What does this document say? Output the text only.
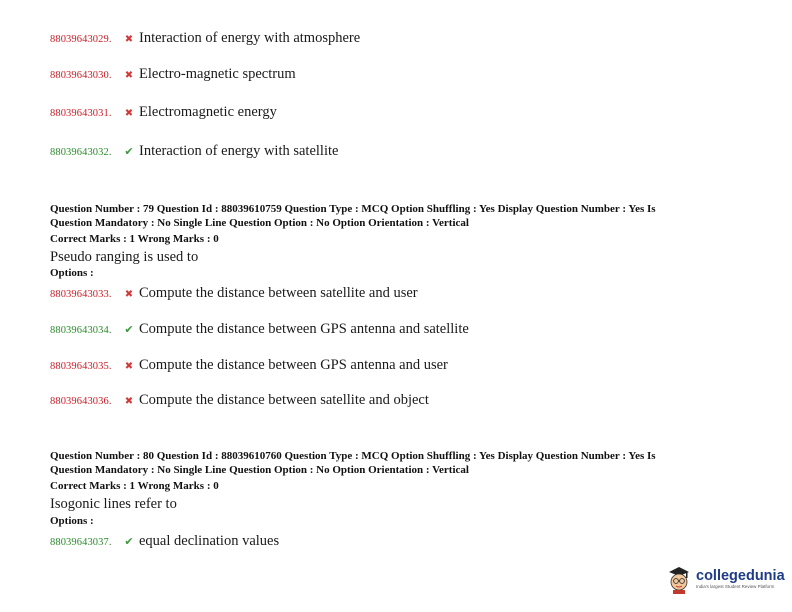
88039643029.	✖ Interaction of energy with atmosphere
88039643030.	✖ Electro-magnetic spectrum
88039643031.	✖ Electromagnetic energy
88039643032.	✔ Interaction of energy with satellite
Question Number : 79 Question Id : 88039610759 Question Type : MCQ Option Shuffling : Yes Display Question Number : Yes Is
Question Mandatory : No Single Line Question Option : No Option Orientation : Vertical
Correct Marks : 1 Wrong Marks : 0
Pseudo ranging is used to
Options :
88039643033.	✖ Compute the distance between satellite and user
88039643034.	✔ Compute the distance between GPS antenna and satellite
88039643035.	✖ Compute the distance between GPS antenna and user
88039643036.	✖ Compute the distance between satellite and object
Question Number : 80 Question Id : 88039610760 Question Type : MCQ Option Shuffling : Yes Display Question Number : Yes Is
Question Mandatory : No Single Line Question Option : No Option Orientation : Vertical
Correct Marks : 1 Wrong Marks : 0
Isogonic lines refer to
Options :
88039643037.	✔ equal declination values
collegedunia
India's largest Student Review Platform
